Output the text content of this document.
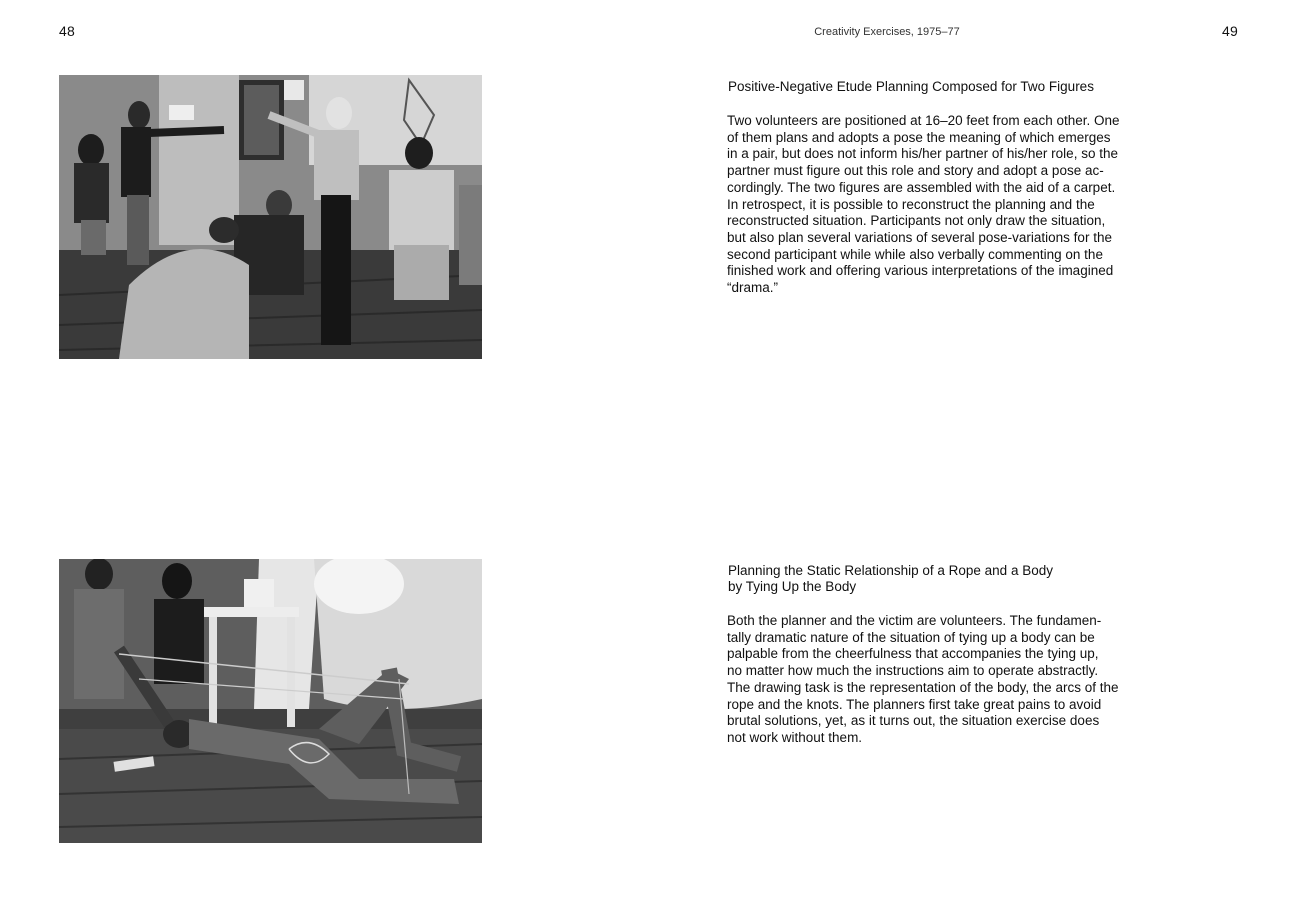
48	Creativity Exercises, 1975–77	49
Positive-Negative Etude Planning Composed for Two Figures
Two volunteers are positioned at 16–20 feet from each other. One
of them plans and adopts a pose the meaning of which emerges
in a pair, but does not inform his/her partner of his/her role, so the
partner must figure out this role and story and adopt a pose ac-
cordingly. The two figures are assembled with the aid of a carpet.
In retrospect, it is possible to reconstruct the planning and the
reconstructed situation. Participants not only draw the situation,
but also plan several variations of several pose-variations for the
second participant while while also verbally commenting on the
finished work and offering various interpretations of the imagined
“drama.”
Planning the Static Relationship of a Rope and a Body
by Tying Up the Body
Both the planner and the victim are volunteers. The fundamen-
tally dramatic nature of the situation of tying up a body can be
palpable from the cheerfulness that accompanies the tying up,
no matter how much the instructions aim to operate abstractly.
The drawing task is the representation of the body, the arcs of the
rope and the knots. The planners first take great pains to avoid
brutal solutions, yet, as it turns out, the situation exercise does
not work without them.
